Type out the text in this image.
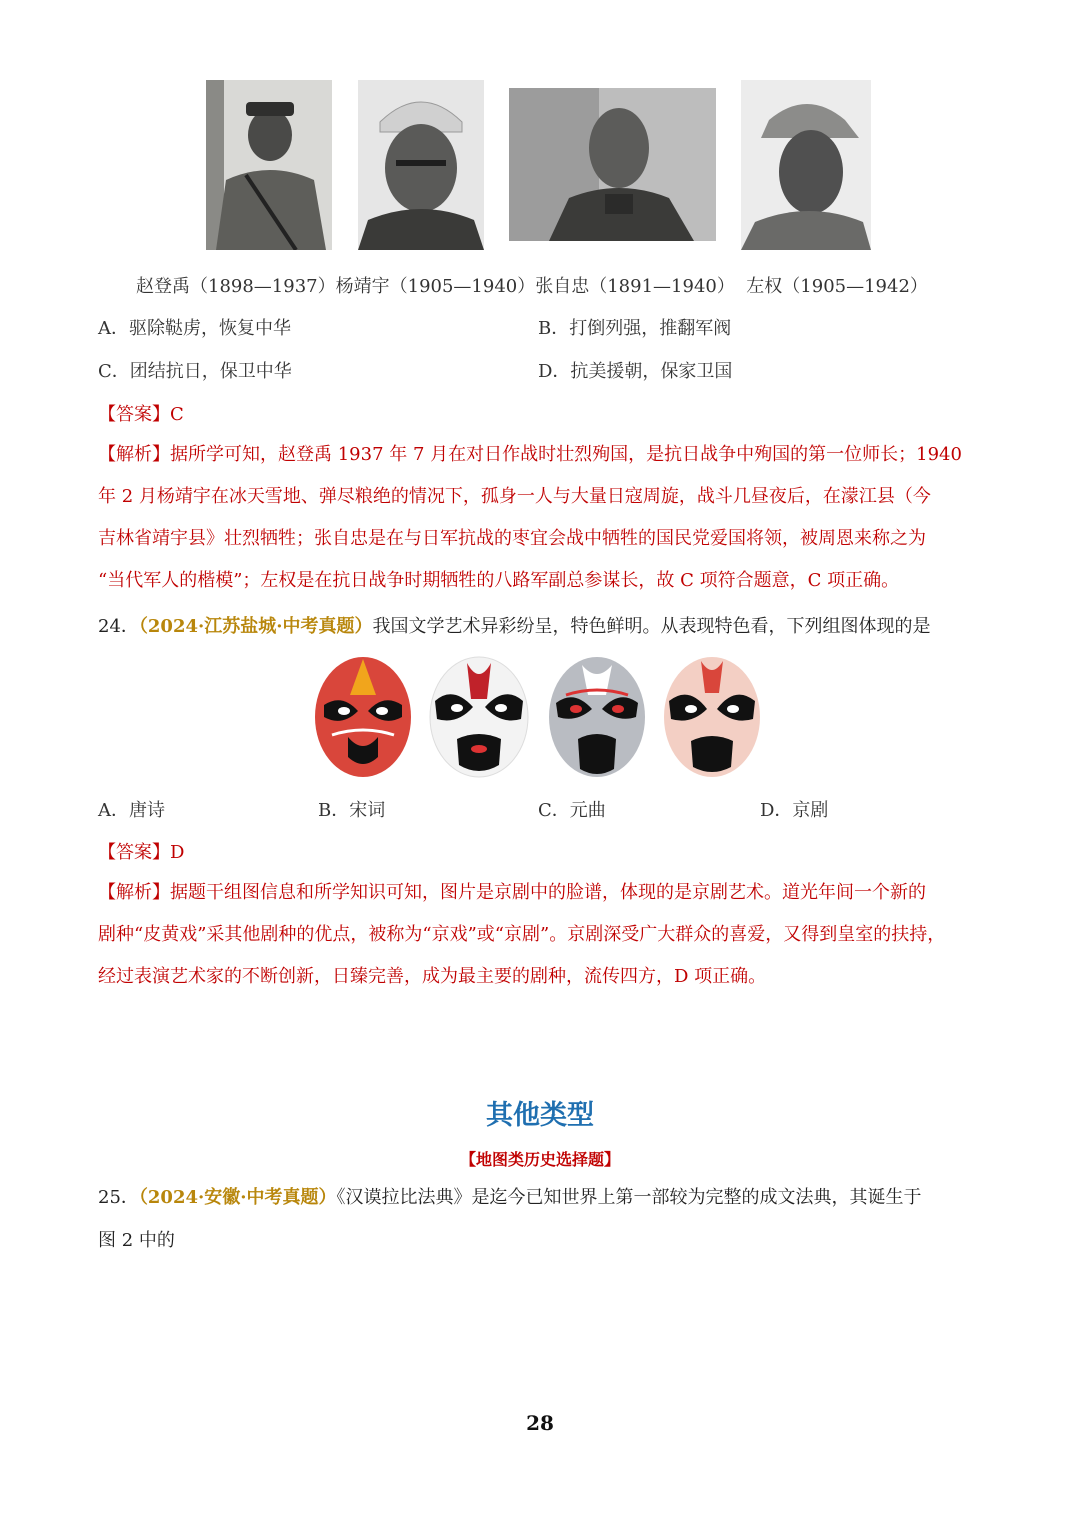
赵登禹（1898—1937）杨靖宇（1905—1940）张自忠（1891—1940）  左权（1905—1942）
A．驱除鞑虏，恢复中华	B．打倒列强，推翻军阀
C．团结抗日，保卫中华	D．抗美援朝，保家卫国
【答案】C
【解析】据所学可知，赵登禹 1937 年 7 月在对日作战时壮烈殉国，是抗日战争中殉国的第一位师长；1940
年 2 月杨靖宇在冰天雪地、弹尽粮绝的情况下，孤身一人与大量日寇周旋，战斗几昼夜后，在濛江县（今
吉林省靖宇县》壮烈牺牲；张自忠是在与日军抗战的枣宜会战中牺牲的国民党爱国将领，被周恩来称之为
“当代军人的楷模”；左权是在抗日战争时期牺牲的八路军副总参谋长，故 C 项符合题意，C 项正确。
24．（2024·江苏盐城·中考真题）我国文学艺术异彩纷呈，特色鲜明。从表现特色看，下列组图体现的是
A．唐诗	B．宋词	C．元曲	D．京剧
【答案】D
【解析】据题干组图信息和所学知识可知，图片是京剧中的脸谱，体现的是京剧艺术。道光年间一个新的
剧种“皮黄戏”采其他剧种的优点，被称为“京戏”或“京剧”。京剧深受广大群众的喜爱，又得到皇室的扶持，
经过表演艺术家的不断创新，日臻完善，成为最主要的剧种，流传四方，D 项正确。
其他类型
【地图类历史选择题】
25．（2024·安徽·中考真题）《汉谟拉比法典》是迄今已知世界上第一部较为完整的成文法典，其诞生于
图 2 中的
28
